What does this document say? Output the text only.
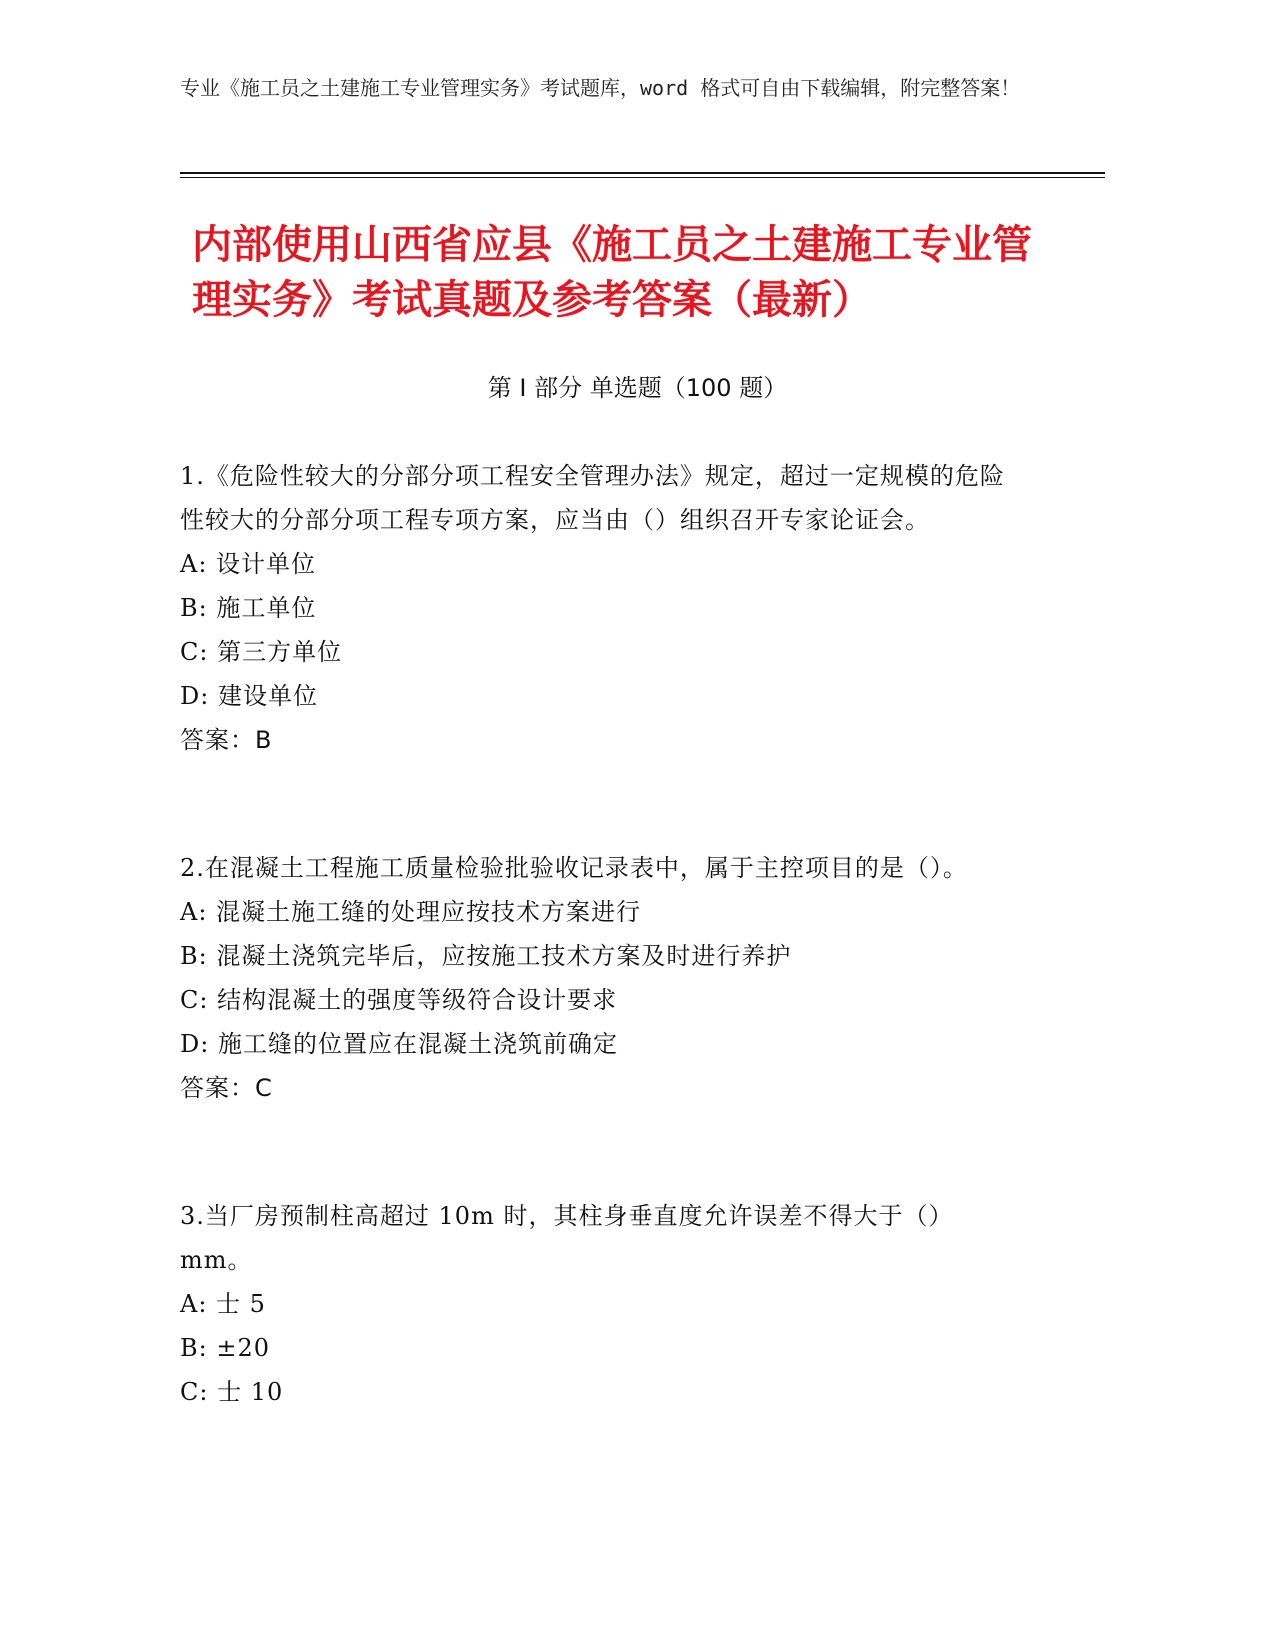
专业《施工员之土建施工专业管理实务》考试题库，word 格式可自由下载编辑，附完整答案！
内部使用山西省应县《施工员之土建施工专业管理实务》考试真题及参考答案（最新）
第 I 部分 单选题（100 题）

1.《危险性较大的分部分项工程安全管理办法》规定，超过一定规模的危险性较大的分部分项工程专项方案，应当由（）组织召开专家论证会。

A: 设计单位

B: 施工单位

C: 第三方单位

D: 建设单位

答案：B

2.在混凝土工程施工质量检验批验收记录表中，属于主控项目的是（）。

A: 混凝土施工缝的处理应按技术方案进行

B: 混凝土浇筑完毕后，应按施工技术方案及时进行养护

C: 结构混凝土的强度等级符合设计要求

D: 施工缝的位置应在混凝土浇筑前确定

答案：C

3.当厂房预制柱高超过 10m 时，其柱身垂直度允许误差不得大于（）mm。

A: 士 5

B: ±20

C: 士 10
